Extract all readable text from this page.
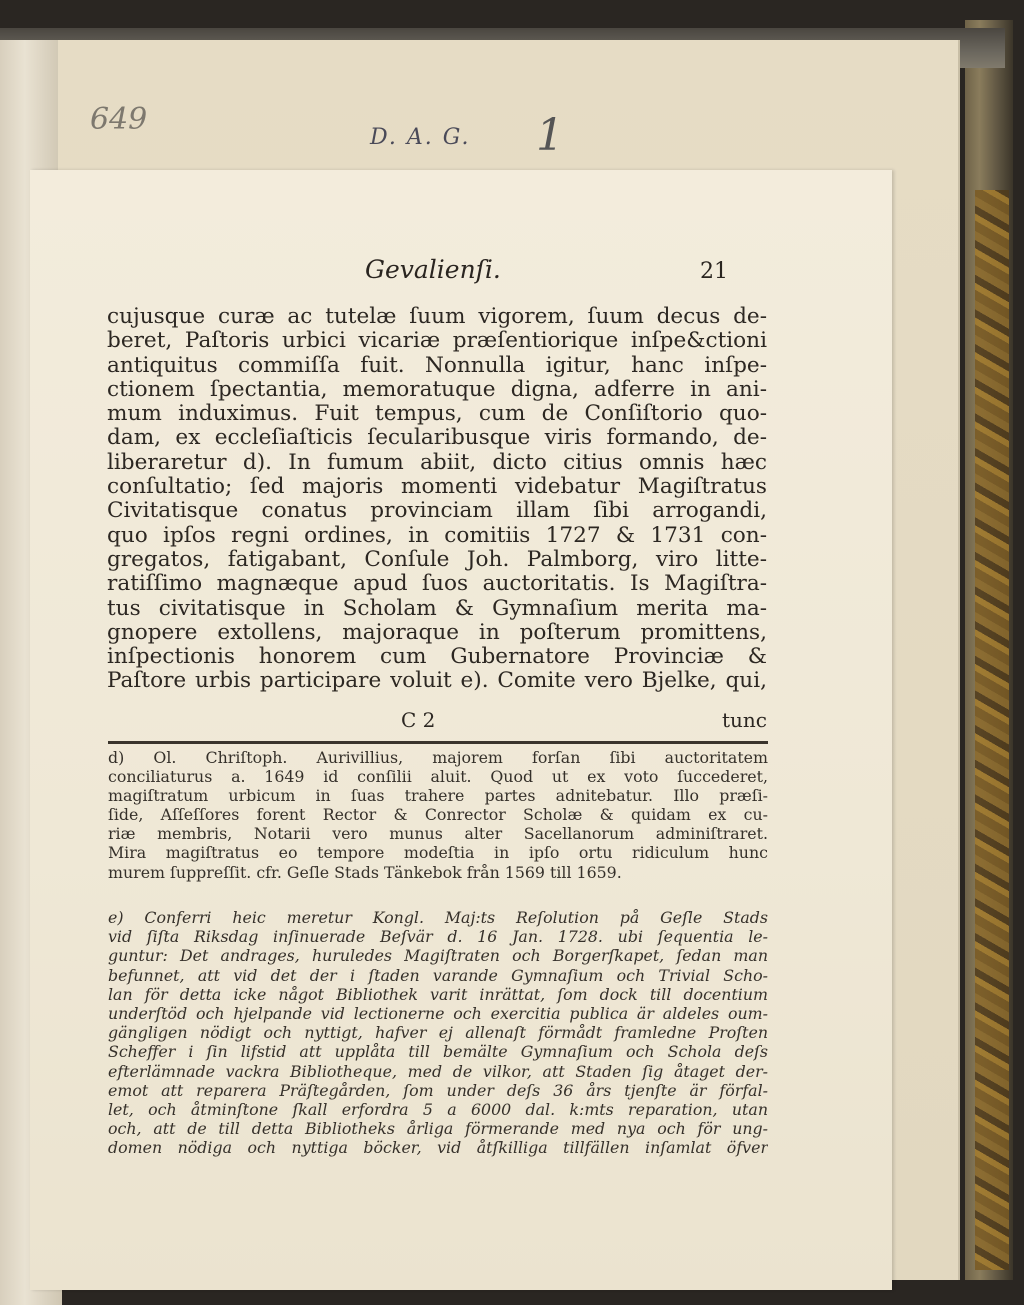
649
D. A. G. 1
Gevalienſi.	21
cujusque curæ ac tutelæ ſuum vigorem, ſuum decus de-
beret, Paſtoris urbici vicariæ præſentiorique inſpe&ctioni
antiquitus commiſſa fuit. Nonnulla igitur, hanc inſpe-
ctionem ſpectantia, memoratuque digna, adferre in ani-
mum induximus. Fuit tempus, cum de Conſiſtorio quo-
dam, ex eccleſiaſticis ſecularibusque viris formando, de-
liberaretur d). In fumum abiit, dicto citius omnis hæc
conſultatio; ſed majoris momenti videbatur Magiſtratus
Civitatisque conatus provinciam illam ſibi arrogandi,
quo ipſos regni ordines, in comitiis 1727 & 1731 con-
gregatos, fatigabant, Conſule Joh. Palmborg, viro litte-
ratiſſimo magnæque apud ſuos auctoritatis. Is Magiſtra-
tus civitatisque in Scholam & Gymnaſium merita ma-
gnopere extollens, majoraque in poſterum promittens,
inſpectionis honorem cum Gubernatore Provinciæ &
Paſtore urbis participare voluit e). Comite vero Bjelke, qui,
C 2	tunc
d) Ol. Chriſtoph. Aurivillius, majorem forſan ſibi auctoritatem
conciliaturus a. 1649 id conſilii aluit. Quod ut ex voto ſuccederet,
magiſtratum urbicum in ſuas trahere partes adnitebatur. Illo præſi-
ſide, Aſſeſſores forent Rector & Conrector Scholæ & quidam ex cu-
riæ membris, Notarii vero munus alter Sacellanorum adminiſtraret.
Mira magiſtratus eo tempore modeſtia in ipſo ortu ridiculum hunc
murem ſuppreſſit. cfr. Geſle Stads Tänkebok från 1569 till 1659.
e) Conferri heic meretur Kongl. Maj:ts Reſolution på Geſle Stads
vid ſiſta Riksdag inſinuerade Beſvär d. 16 Jan. 1728. ubi ſequentia le-
guntur: Det andrages, huruledes Magiſtraten och Borgerſkapet, ſedan man
befunnet, att vid det der i ſtaden varande Gymnaſium och Trivial Scho-
lan för detta icke något Bibliothek varit inrättat, ſom dock till docentium
underſtöd och hjelpande vid lectionerne och exercitia publica är aldeles oum-
gängligen nödigt och nyttigt, hafver ej allenaſt förmådt framledne Proſten
Scheffer i ſin lifstid att upplåta till bemälte Gymnaſium och Schola deſs
efterlämnade vackra Bibliotheque, med de vilkor, att Staden ſig åtaget der-
emot att reparera Präſtegården, ſom under deſs 36 års tjenſte är förfal-
let, och åtminſtone ſkall erfordra 5 a 6000 dal. k:mts reparation, utan
och, att de till detta Bibliotheks årliga förmerande med nya och för ung-
domen nödiga och nyttiga böcker, vid åtſkilliga tillfällen inſamlat öfver
